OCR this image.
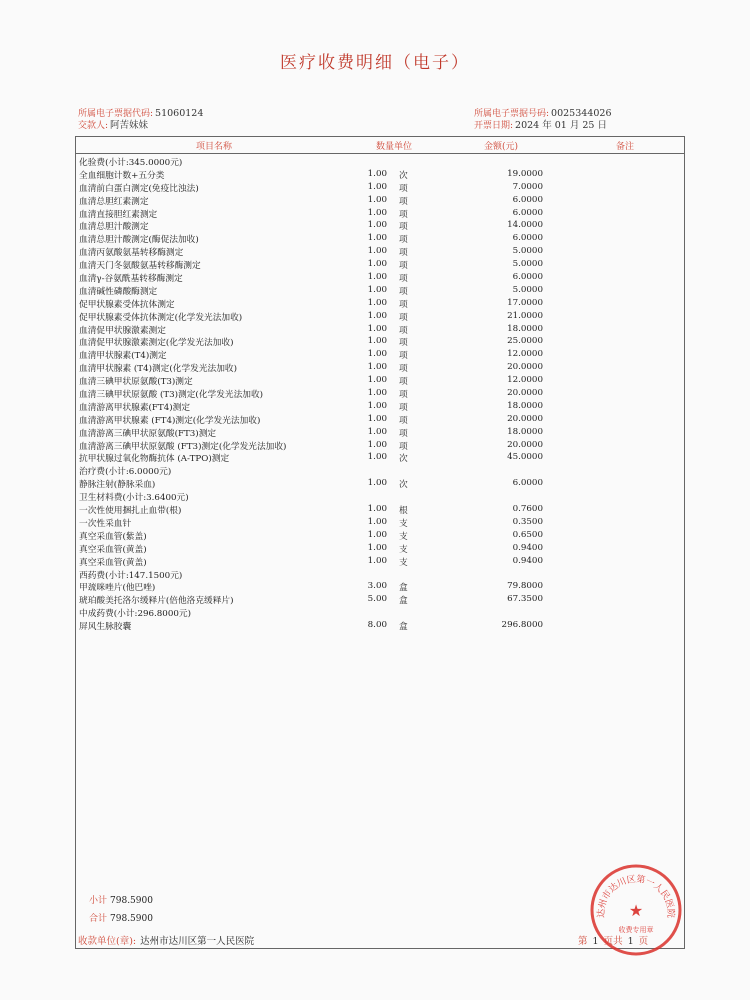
医疗收费明细（电子）
所属电子票据代码: 51060124
交款人: 阿苦妹妹
所属电子票据号码: 0025344026
开票日期: 2024 年 01 月 25 日
项目名称	数量单位	金额(元)	备注
化验费(小计:345.0000元)
全血细胞计数+五分类	1.00 次	19.0000
血清前白蛋白测定(免疫比浊法)	1.00 项	7.0000
血清总胆红素测定	1.00 项	6.0000
血清直接胆红素测定	1.00 项	6.0000
血清总胆汁酸测定	1.00 项	14.0000
血清总胆汁酸测定(酶促法加收)	1.00 项	6.0000
血清丙氨酸氨基转移酶测定	1.00 项	5.0000
血清天门冬氨酸氨基转移酶测定	1.00 项	5.0000
血清γ-谷氨酰基转移酶测定	1.00 项	6.0000
血清碱性磷酸酶测定	1.00 项	5.0000
促甲状腺素受体抗体测定	1.00 项	17.0000
促甲状腺素受体抗体测定(化学发光法加收)	1.00 项	21.0000
血清促甲状腺激素测定	1.00 项	18.0000
血清促甲状腺激素测定(化学发光法加收)	1.00 项	25.0000
血清甲状腺素(T4)测定	1.00 项	12.0000
血清甲状腺素 (T4)测定(化学发光法加收)	1.00 项	20.0000
血清三碘甲状原氨酸(T3)测定	1.00 项	12.0000
血清三碘甲状原氨酸 (T3)测定(化学发光法加收)	1.00 项	20.0000
血清游离甲状腺素(FT4)测定	1.00 项	18.0000
血清游离甲状腺素 (FT4)测定(化学发光法加收)	1.00 项	20.0000
血清游离三碘甲状原氨酸(FT3)测定	1.00 项	18.0000
血清游离三碘甲状原氨酸 (FT3)测定(化学发光法加收)	1.00 项	20.0000
抗甲状腺过氧化物酶抗体 (A-TPO)测定	1.00 次	45.0000
治疗费(小计:6.0000元)
静脉注射(静脉采血)	1.00 次	6.0000
卫生材料费(小计:3.6400元)
一次性使用捆扎止血带(根)	1.00 根	0.7600
一次性采血针	1.00 支	0.3500
真空采血管(紫盖)	1.00 支	0.6500
真空采血管(黄盖)	1.00 支	0.9400
真空采血管(黄盖)	1.00 支	0.9400
西药费(小计:147.1500元)
甲巯咪唑片(他巴唑)	3.00 盒	79.8000
琥珀酸美托洛尔缓释片(倍他洛克缓释片)	5.00 盒	67.3500
中成药费(小计:296.8000元)
屏风生脉胶囊	8.00 盒	296.8000
小计 798.5900
合计 798.5900
收款单位(章): 达州市达川区第一人民医院	第 1 页共 1 页
达州市达川区第一人民医院
★
收费专用章
